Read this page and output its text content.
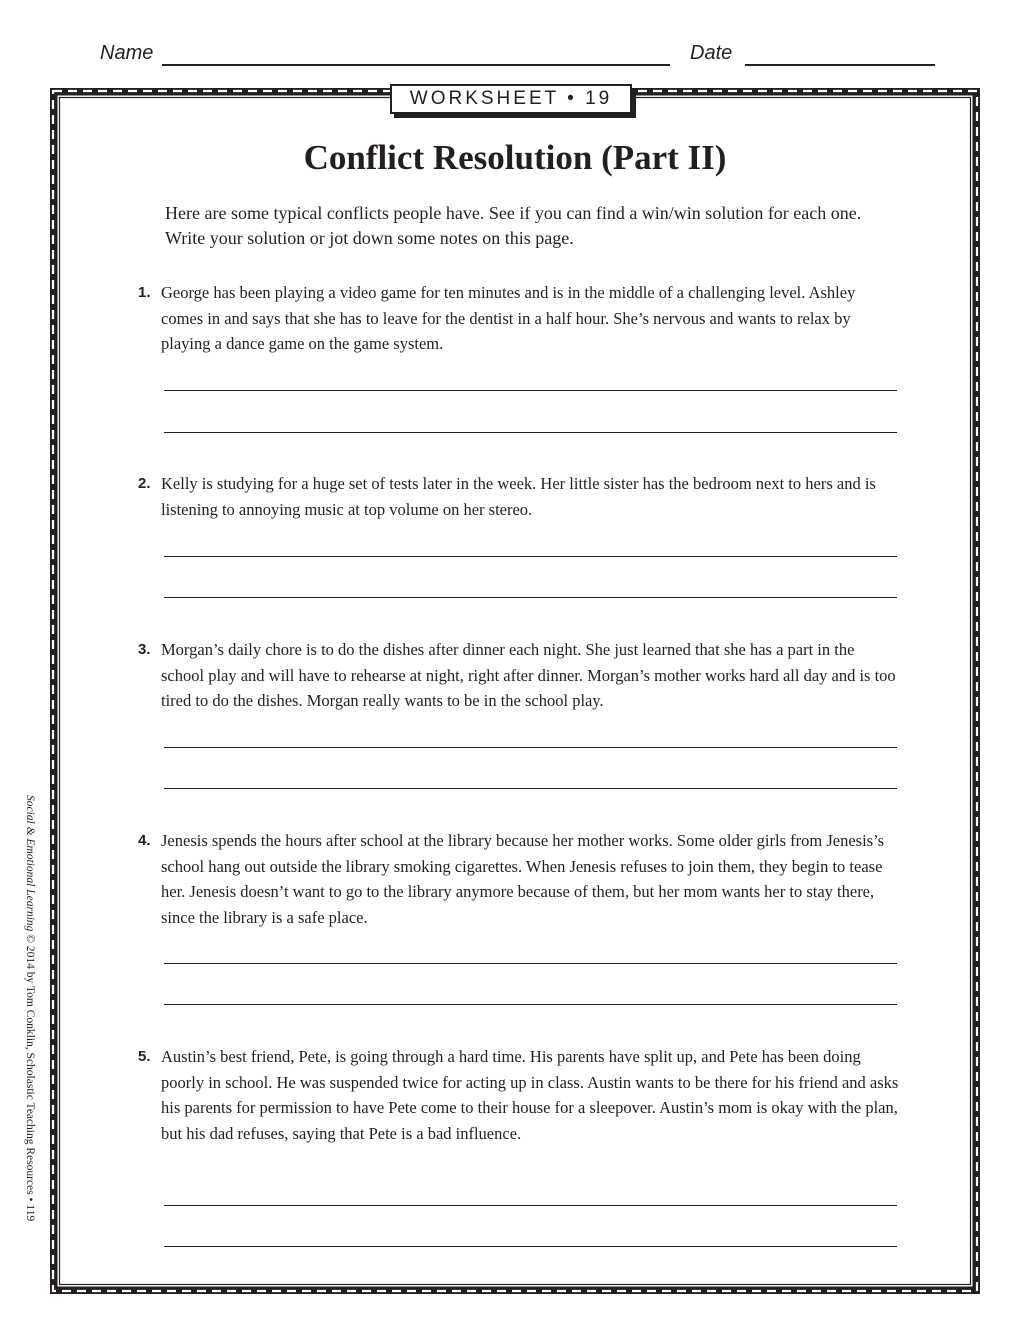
Name	Date
WORKSHEET • 19
Conflict Resolution (Part II)
Here are some typical conflicts people have. See if you can find a win/win solution for each one. Write your solution or jot down some notes on this page.
1. George has been playing a video game for ten minutes and is in the middle of a challenging level. Ashley comes in and says that she has to leave for the dentist in a half hour. She’s nervous and wants to relax by playing a dance game on the game system.
2. Kelly is studying for a huge set of tests later in the week. Her little sister has the bedroom next to hers and is listening to annoying music at top volume on her stereo.
3. Morgan’s daily chore is to do the dishes after dinner each night. She just learned that she has a part in the school play and will have to rehearse at night, right after dinner. Morgan’s mother works hard all day and is too tired to do the dishes. Morgan really wants to be in the school play.
4. Jenesis spends the hours after school at the library because her mother works. Some older girls from Jenesis’s school hang out outside the library smoking cigarettes. When Jenesis refuses to join them, they begin to tease her. Jenesis doesn’t want to go to the library anymore because of them, but her mom wants her to stay there, since the library is a safe place.
5. Austin’s best friend, Pete, is going through a hard time. His parents have split up, and Pete has been doing poorly in school. He was suspended twice for acting up in class. Austin wants to be there for his friend and asks his parents for permission to have Pete come to their house for a sleepover. Austin’s mom is okay with the plan, but his dad refuses, saying that Pete is a bad influence.
Social & Emotional Learning © 2014 by Tom Conklin, Scholastic Teaching Resources • 119
